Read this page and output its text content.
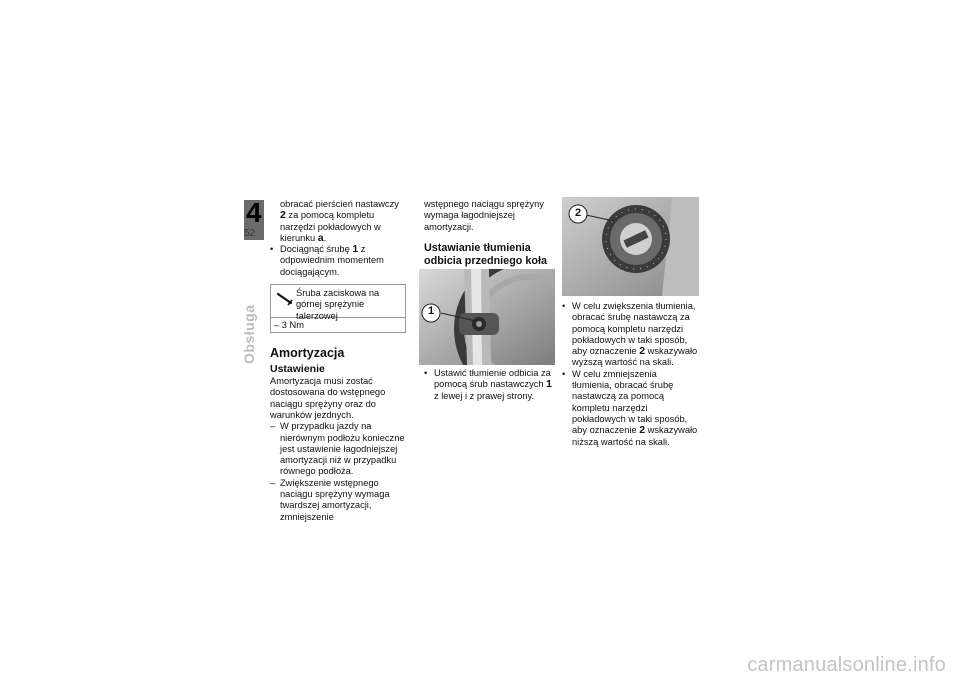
4
52
Obsługa

obracać pierścień nastawczy 2 za pomocą kompletu narzędzi pokładowych w kierunku a.

• Dociągnąć śrubę 1 z odpowiednim momentem dociągającym.

Śruba zaciskowa na górnej sprężynie talerzowej
– 3 Nm

Amortyzacja

Ustawienie

Amortyzacja musi zostać dostosowana do wstępnego naciągu sprężyny oraz do warunków jezdnych.

– W przypadku jazdy na nierównym podłożu konieczne jest ustawienie łagodniejszej amortyzacji niż w przypadku równego podłoża.

– Zwiększenie wstępnego naciągu sprężyny wymaga twardszej amortyzacji, zmniejszenie

wstępnego naciągu sprężyny wymaga łagodniejszej amortyzacji.

Ustawianie tłumienia odbicia przedniego koła

1

• Ustawić tłumienie odbicia za pomocą śrub nastawczych 1 z lewej i z prawej strony.

2

• W celu zwiększenia tłumienia, obracać śrubę nastawczą za pomocą kompletu narzędzi pokładowych w taki sposób, aby oznaczenie 2 wskazywało wyższą wartość na skali.

• W celu zmniejszenia tłumienia, obracać śrubę nastawczą za pomocą kompletu narzędzi pokładowych w taki sposób, aby oznaczenie 2 wskazywało niższą wartość na skali.

carmanualsonline.info
